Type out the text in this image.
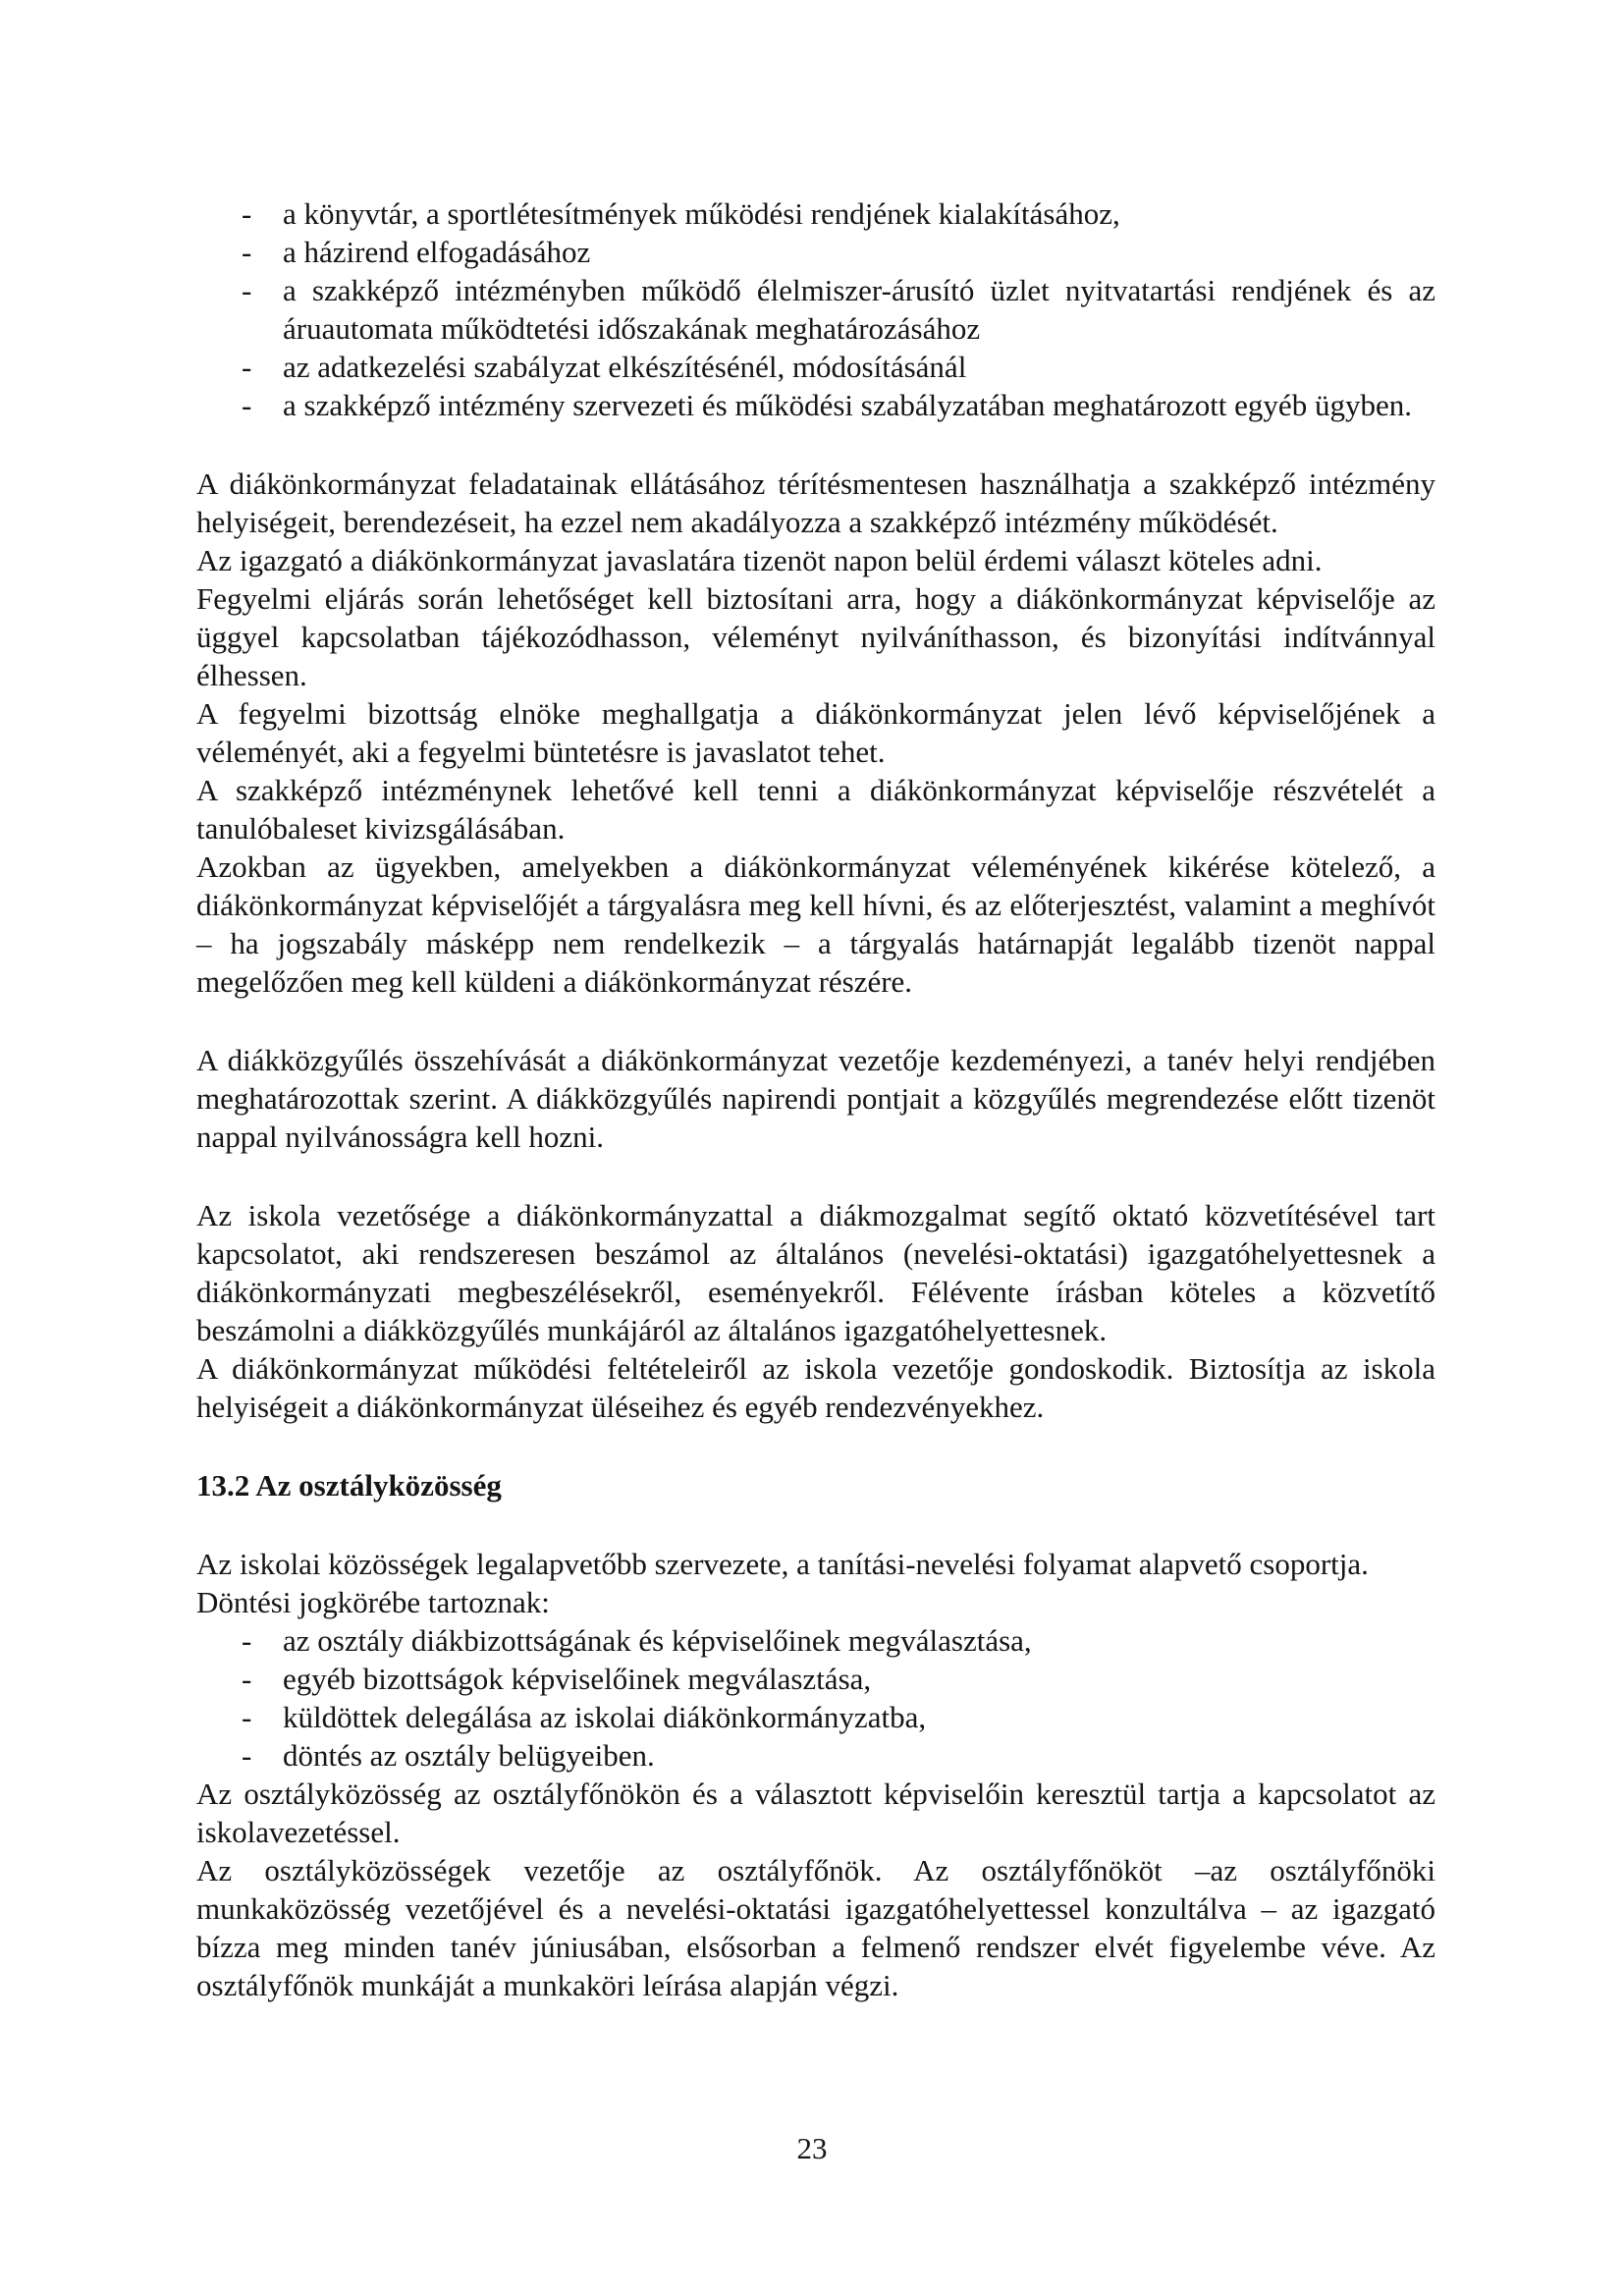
- a könyvtár, a sportlétesítmények működési rendjének kialakításához,
- a házirend elfogadásához
- a szakképző intézményben működő élelmiszer-árusító üzlet nyitvatartási rendjének és az áruautomata működtetési időszakának meghatározásához
- az adatkezelési szabályzat elkészítésénél, módosításánál
- a szakképző intézmény szervezeti és működési szabályzatában meghatározott egyéb ügyben.

A diákönkormányzat feladatainak ellátásához térítésmentesen használhatja a szakképző intézmény helyiségeit, berendezéseit, ha ezzel nem akadályozza a szakképző intézmény működését.

Az igazgató a diákönkormányzat javaslatára tizenöt napon belül érdemi választ köteles adni.

Fegyelmi eljárás során lehetőséget kell biztosítani arra, hogy a diákönkormányzat képviselője az üggyel kapcsolatban tájékozódhasson, véleményt nyilváníthasson, és bizonyítási indítvánnyal élhessen.

A fegyelmi bizottság elnöke meghallgatja a diákönkormányzat jelen lévő képviselőjének a véleményét, aki a fegyelmi büntetésre is javaslatot tehet.

A szakképző intézménynek lehetővé kell tenni a diákönkormányzat képviselője részvételét a tanulóbaleset kivizsgálásában.

Azokban az ügyekben, amelyekben a diákönkormányzat véleményének kikérése kötelező, a diákönkormányzat képviselőjét a tárgyalásra meg kell hívni, és az előterjesztést, valamint a meghívót – ha jogszabály másképp nem rendelkezik – a tárgyalás határnapját legalább tizenöt nappal megelőzően meg kell küldeni a diákönkormányzat részére.

A diákközgyűlés összehívását a diákönkormányzat vezetője kezdeményezi, a tanév helyi rendjében meghatározottak szerint. A diákközgyűlés napirendi pontjait a közgyűlés megrendezése előtt tizenöt nappal nyilvánosságra kell hozni.

Az iskola vezetősége a diákönkormányzattal a diákmozgalmat segítő oktató közvetítésével tart kapcsolatot, aki rendszeresen beszámol az általános (nevelési-oktatási) igazgatóhelyettesnek a diákönkormányzati megbeszélésekről, eseményekről. Félévente írásban köteles a közvetítő beszámolni a diákközgyűlés munkájáról az általános igazgatóhelyettesnek.

A diákönkormányzat működési feltételeiről az iskola vezetője gondoskodik. Biztosítja az iskola helyiségeit a diákönkormányzat üléseihez és egyéb rendezvényekhez.

13.2 Az osztályközösség

Az iskolai közösségek legalapvetőbb szervezete, a tanítási-nevelési folyamat alapvető csoportja.

Döntési jogkörébe tartoznak:

- az osztály diákbizottságának és képviselőinek megválasztása,
- egyéb bizottságok képviselőinek megválasztása,
- küldöttek delegálása az iskolai diákönkormányzatba,
- döntés az osztály belügyeiben.

Az osztályközösség az osztályfőnökön és a választott képviselőin keresztül tartja a kapcsolatot az iskolavezetéssel.

Az osztályközösségek vezetője az osztályfőnök. Az osztályfőnököt –az osztályfőnöki munkaközösség vezetőjével és a nevelési-oktatási igazgatóhelyettessel konzultálva – az igazgató bízza meg minden tanév júniusában, elsősorban a felmenő rendszer elvét figyelembe véve. Az osztályfőnök munkáját a munkaköri leírása alapján végzi.

23
